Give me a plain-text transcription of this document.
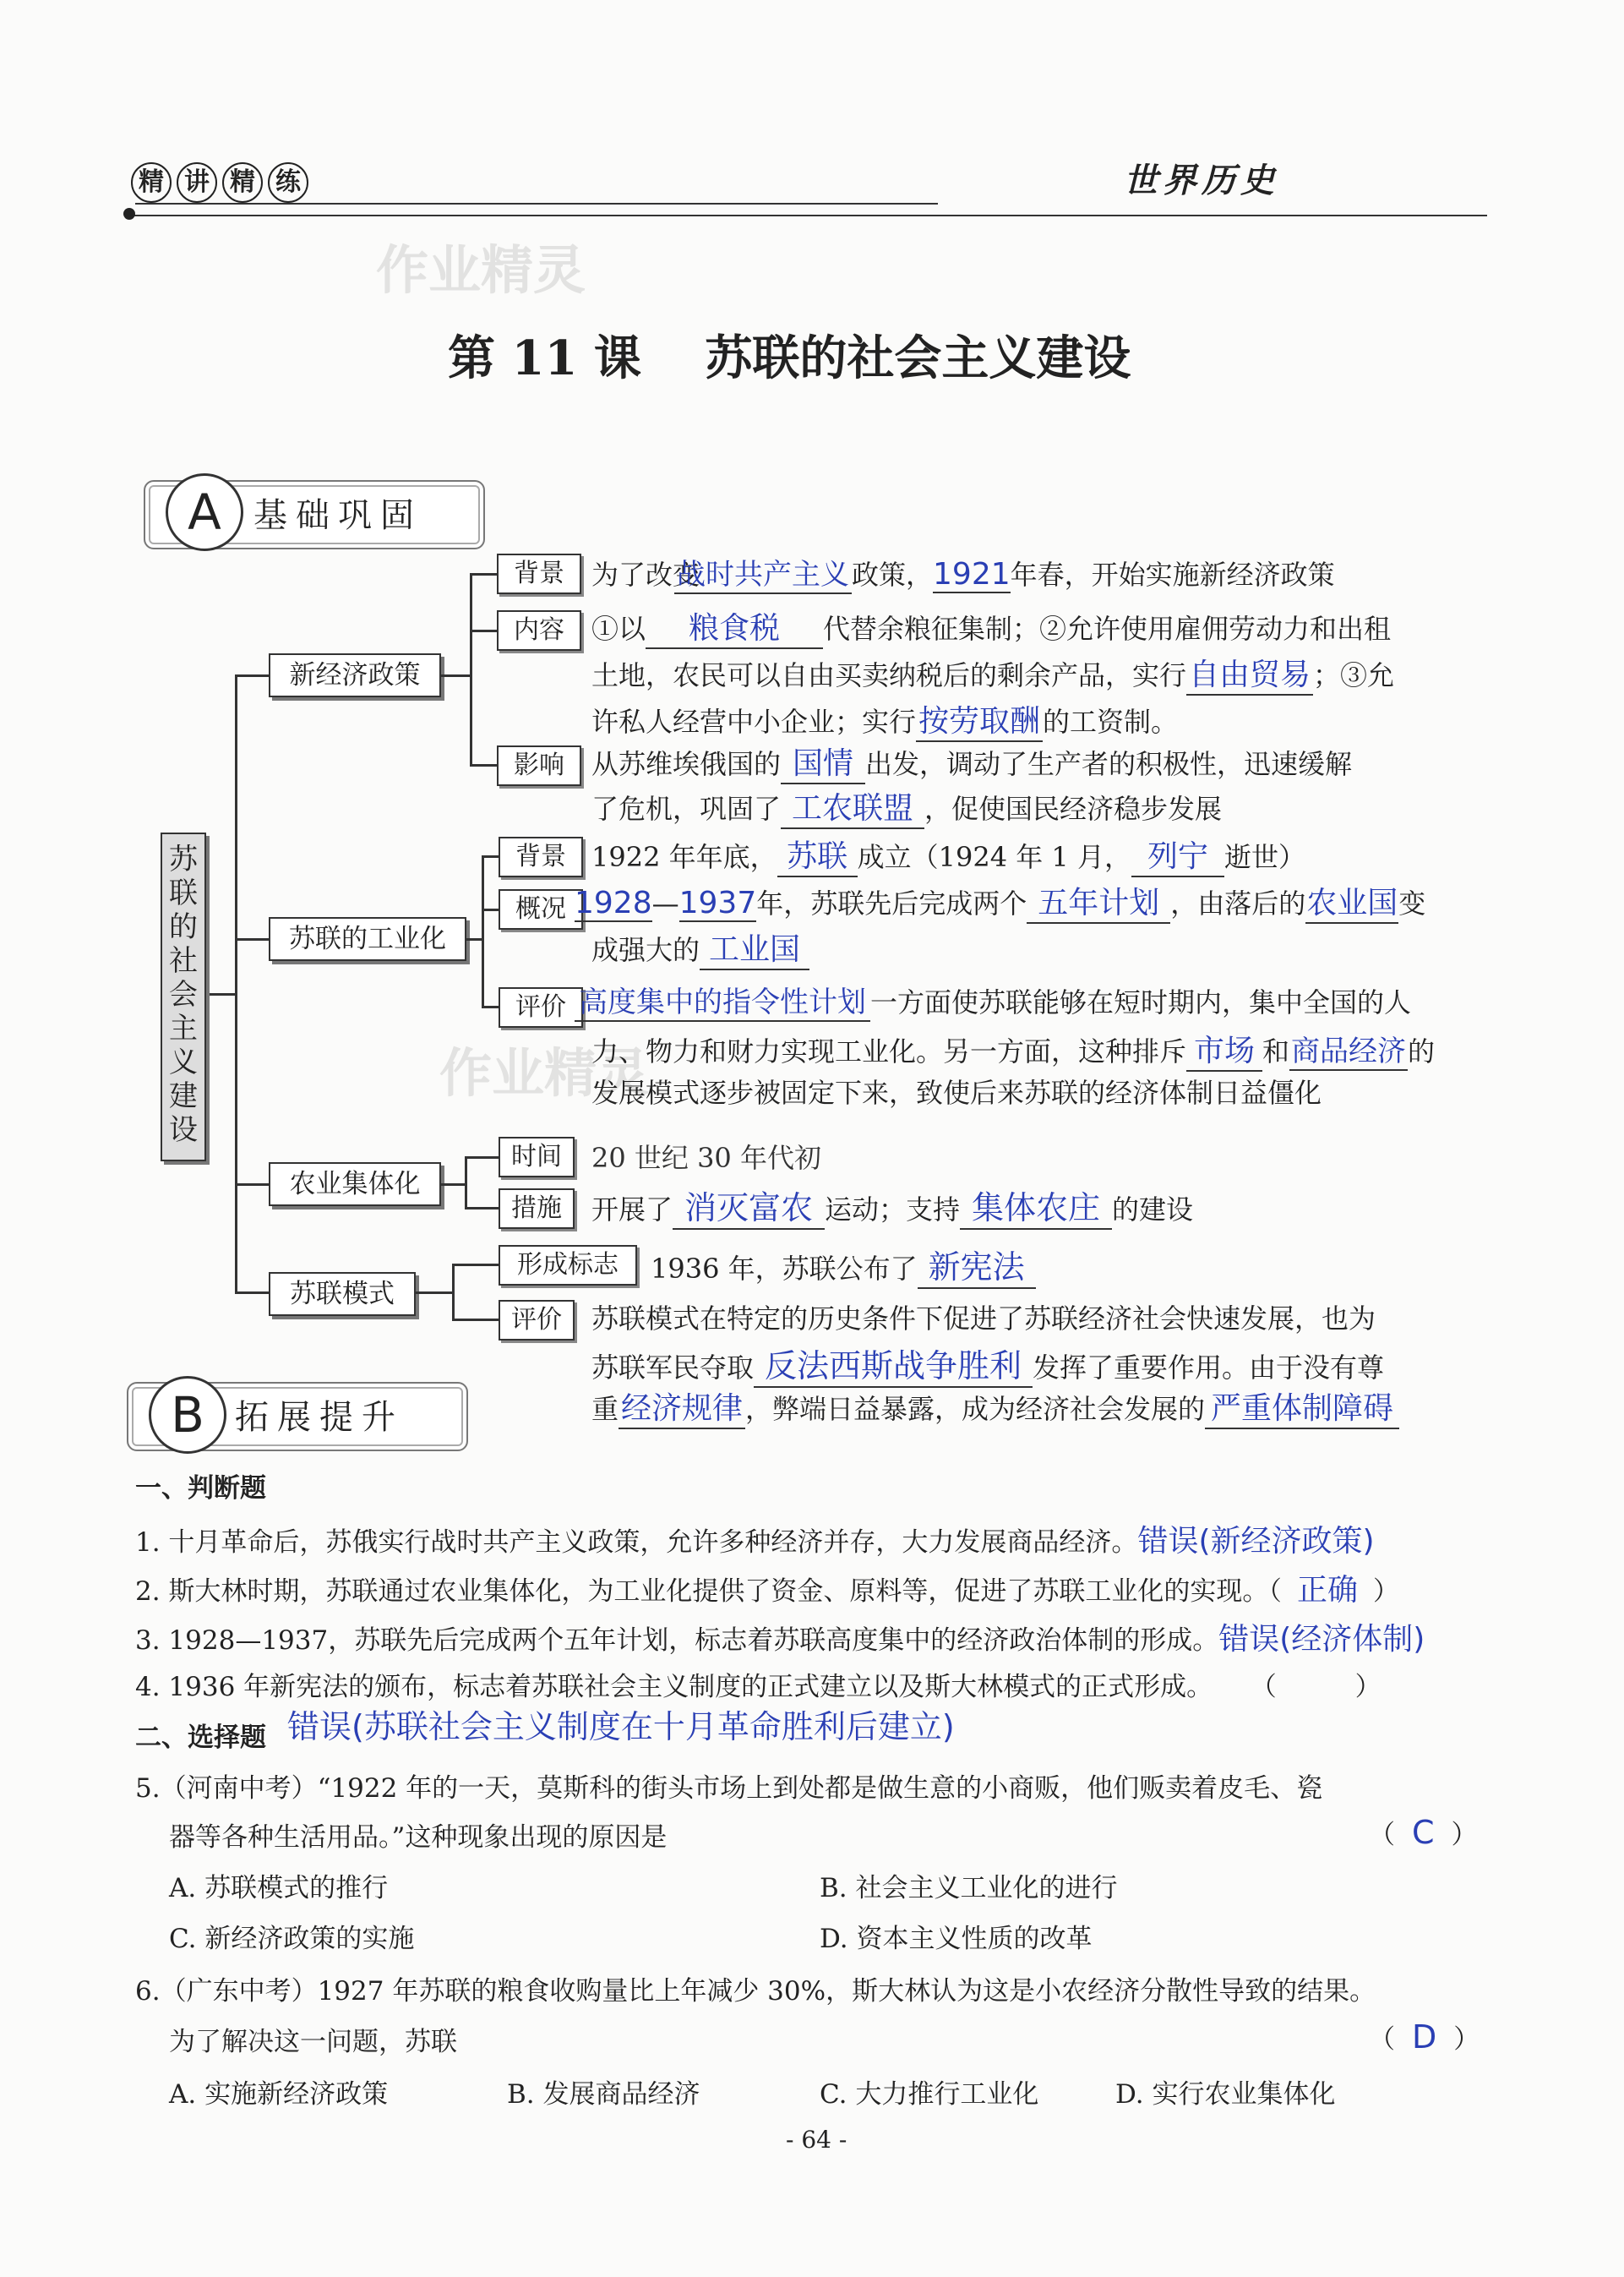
精 讲 精 练	世界历史
作业精灵
作业精灵
第 11 课　 苏联的社会主义建设
A 基础巩固
苏联的社会主义建设
新经济政策
背景	为了改变战时共产主义政策，1921年春，开始实施新经济政策
内容	①以 粮食税 代替余粮征集制；②允许使用雇佣劳动力和出租
土地，农民可以自由买卖纳税后的剩余产品，实行自由贸易；③允
许私人经营中小企业；实行按劳取酬的工资制。
影响	从苏维埃俄国的 国情 出发，调动了生产者的积极性，迅速缓解
了危机，巩固了 工农联盟 ，促使国民经济稳步发展
苏联的工业化
背景 1922 年年底， 苏联 成立（1924 年 1 月， 列宁 逝世）
概况 1928—1937年，苏联先后完成两个 五年计划 ，由落后的农业国变
成强大的 工业国
评价 高度集中的指令性计划 一方面使苏联能够在短时期内，集中全国的人
力、物力和财力实现工业化。另一方面，这种排斥 市场 和商品经济的
发展模式逐步被固定下来，致使后来苏联的经济体制日益僵化
农业集体化
时间	20 世纪 30 年代初
措施	开展了 消灭富农 运动；支持 集体农庄 的建设
苏联模式
形成标志	1936 年，苏联公布了 新宪法
评价	苏联模式在特定的历史条件下促进了苏联经济社会快速发展，也为
苏联军民夺取 反法西斯战争胜利 发挥了重要作用。由于没有尊
重经济规律，弊端日益暴露，成为经济社会发展的 严重体制障碍
B 拓展提升
一、判断题
1. 十月革命后，苏俄实行战时共产主义政策，允许多种经济并存，大力发展商品经济。错误(新经济政策)
2. 斯大林时期，苏联通过农业集体化，为工业化提供了资金、原料等，促进了苏联工业化的实现。（ 正确 ）
3. 1928—1937，苏联先后完成两个五年计划，标志着苏联高度集中的经济政治体制的形成。错误(经济体制)
4. 1936 年新宪法的颁布，标志着苏联社会主义制度的正式建立以及斯大林模式的正式形成。 （　　　）
二、选择题 错误(苏联社会主义制度在十月革命胜利后建立)
5.（河南中考）“1922 年的一天，莫斯科的街头市场上到处都是做生意的小商贩，他们贩卖着皮毛、瓷
器等各种生活用品。”这种现象出现的原因是	（ C ）
A. 苏联模式的推行	B. 社会主义工业化的进行
C. 新经济政策的实施	D. 资本主义性质的改革
6.（广东中考）1927 年苏联的粮食收购量比上年减少 30%，斯大林认为这是小农经济分散性导致的结果。
为了解决这一问题，苏联	（ D ）
A. 实施新经济政策	B. 发展商品经济	C. 大力推行工业化	D. 实行农业集体化
- 64 -
